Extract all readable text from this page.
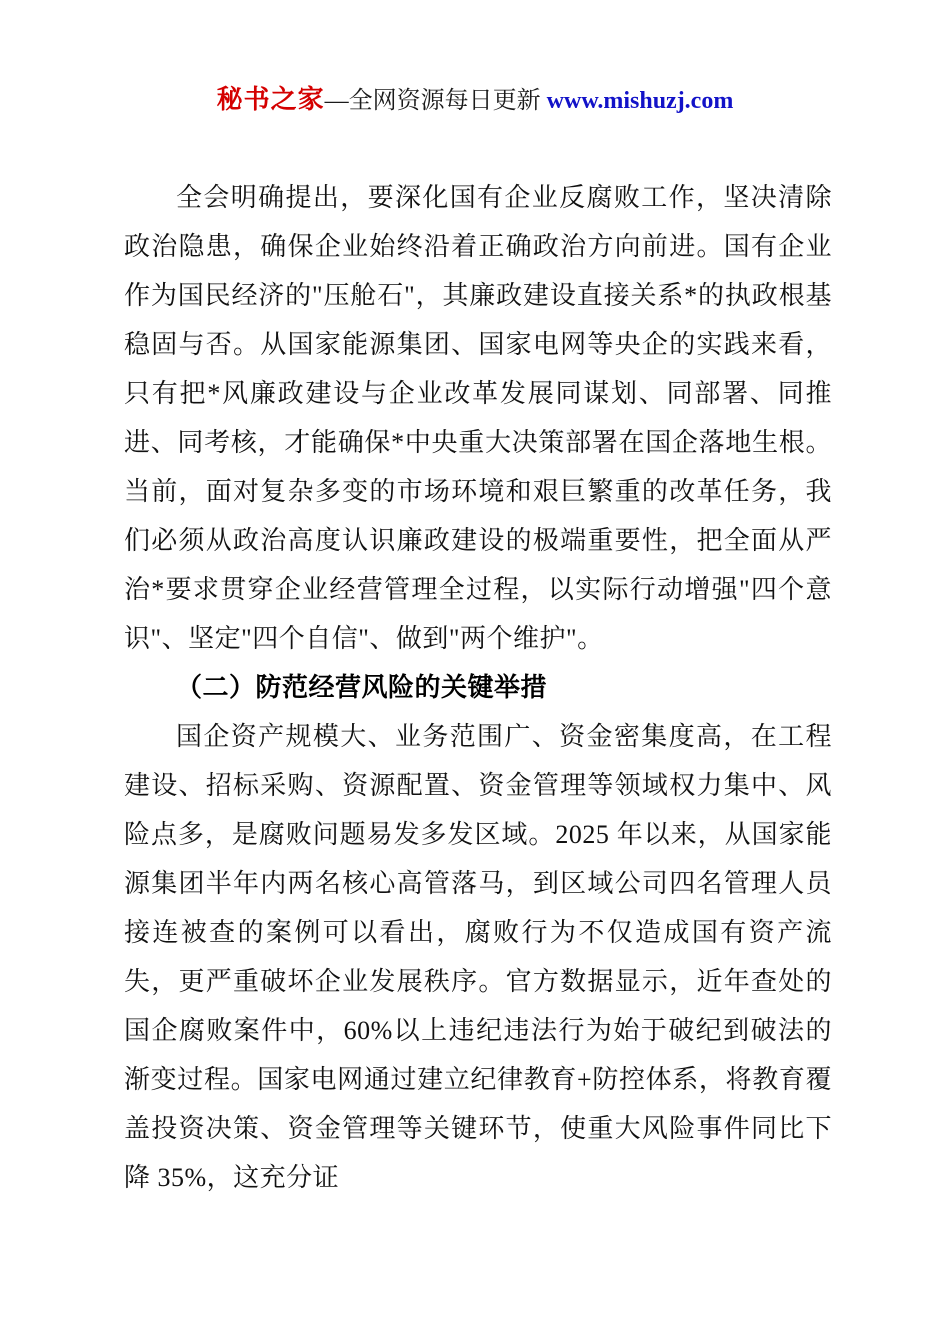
秘书之家—全网资源每日更新 www.mishuzj.com

全会明确提出，要深化国有企业反腐败工作，坚决清除政治隐患，确保企业始终沿着正确政治方向前进。国有企业作为国民经济的"压舱石"，其廉政建设直接关系*的执政根基稳固与否。从国家能源集团、国家电网等央企的实践来看，只有把*风廉政建设与企业改革发展同谋划、同部署、同推进、同考核，才能确保*中央重大决策部署在国企落地生根。当前，面对复杂多变的市场环境和艰巨繁重的改革任务，我们必须从政治高度认识廉政建设的极端重要性，把全面从严治*要求贯穿企业经营管理全过程，以实际行动增强"四个意识"、坚定"四个自信"、做到"两个维护"。

（二）防范经营风险的关键举措

国企资产规模大、业务范围广、资金密集度高，在工程建设、招标采购、资源配置、资金管理等领域权力集中、风险点多，是腐败问题易发多发区域。2025 年以来，从国家能源集团半年内两名核心高管落马，到区域公司四名管理人员接连被查的案例可以看出，腐败行为不仅造成国有资产流失，更严重破坏企业发展秩序。官方数据显示，近年查处的国企腐败案件中，60%以上违纪违法行为始于破纪到破法的渐变过程。国家电网通过建立纪律教育+防控体系，将教育覆盖投资决策、资金管理等关键环节，使重大风险事件同比下降 35%，这充分证
